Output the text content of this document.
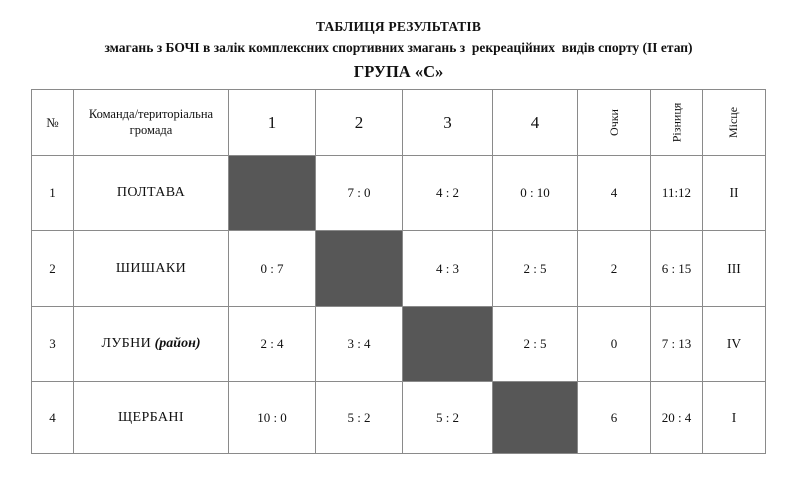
ТАБЛИЦЯ РЕЗУЛЬТАТІВ
змагань з БОЧІ в залік комплексних спортивних змагань з  рекреаційних  видів спорту (ІІ етап)
ГРУПА «С»
№	Команда/територіальна громада	1	2	3	4	Очки	Різниця	Місце

1	ПОЛТАВА		7 : 0	4 : 2	0 : 10	4	11:12	II
2	ШИШАКИ	0 : 7		4 : 3	2 : 5	2	6 : 15	III
3	ЛУБНИ (район)	2 : 4	3 : 4		2 : 5	0	7 : 13	IV
4	ЩЕРБАНІ	10 : 0	5 : 2	5 : 2		6	20 : 4	I
